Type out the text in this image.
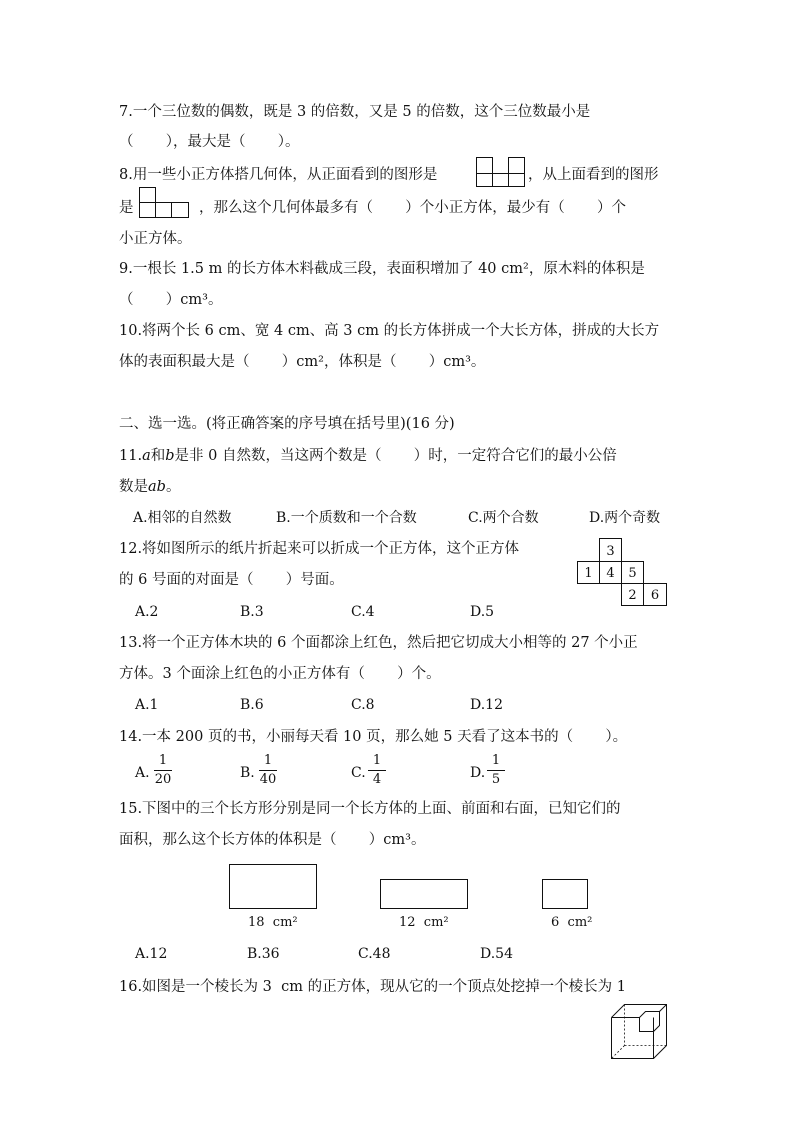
7.一个三位数的偶数，既是 3 的倍数，又是 5 的倍数，这个三位数最小是
（       ），最大是（       ）。
8.用一些小正方体搭几何体，从正面看到的图形是	，从上面看到的图形
是	，那么这个几何体最多有（       ）个小正方体，最少有（       ）个
小正方体。
9.一根长 1.5 m 的长方体木料截成三段，表面积增加了 40 cm²，原木料的体积是
（       ）cm³。
10.将两个长 6 cm、宽 4 cm、高 3 cm 的长方体拼成一个大长方体，拼成的大长方
体的表面积最大是（       ）cm²，体积是（       ）cm³。
二、选一选。(将正确答案的序号填在括号里)(16 分)
11.a和b是非 0 自然数，当这两个数是（       ）时，一定符合它们的最小公倍
数是ab。
A.相邻的自然数	B.一个质数和一个合数	C.两个合数	D.两个奇数
12.将如图所示的纸片折起来可以折成一个正方体，这个正方体
的 6 号面的对面是（       ）号面。
3
1 4 5
2 6
A.2	B.3	C.4	D.5
13.将一个正方体木块的 6 个面都涂上红色，然后把它切成大小相等的 27 个小正
方体。3 个面涂上红色的小正方体有（       ）个。
A.1	B.6	C.8	D.12
14.一本 200 页的书，小丽每天看 10 页，那么她 5 天看了这本书的（       ）。
A.
1
20	B.
1
40	C.
1
4	D.
1
5
15.下图中的三个长方形分别是同一个长方体的上面、前面和右面，已知它们的
面积，那么这个长方体的体积是（       ）cm³。
18  cm²	12  cm²	6  cm²
A.12	B.36	C.48	D.54
16.如图是一个棱长为 3  cm 的正方体，现从它的一个顶点处挖掉一个棱长为 1
